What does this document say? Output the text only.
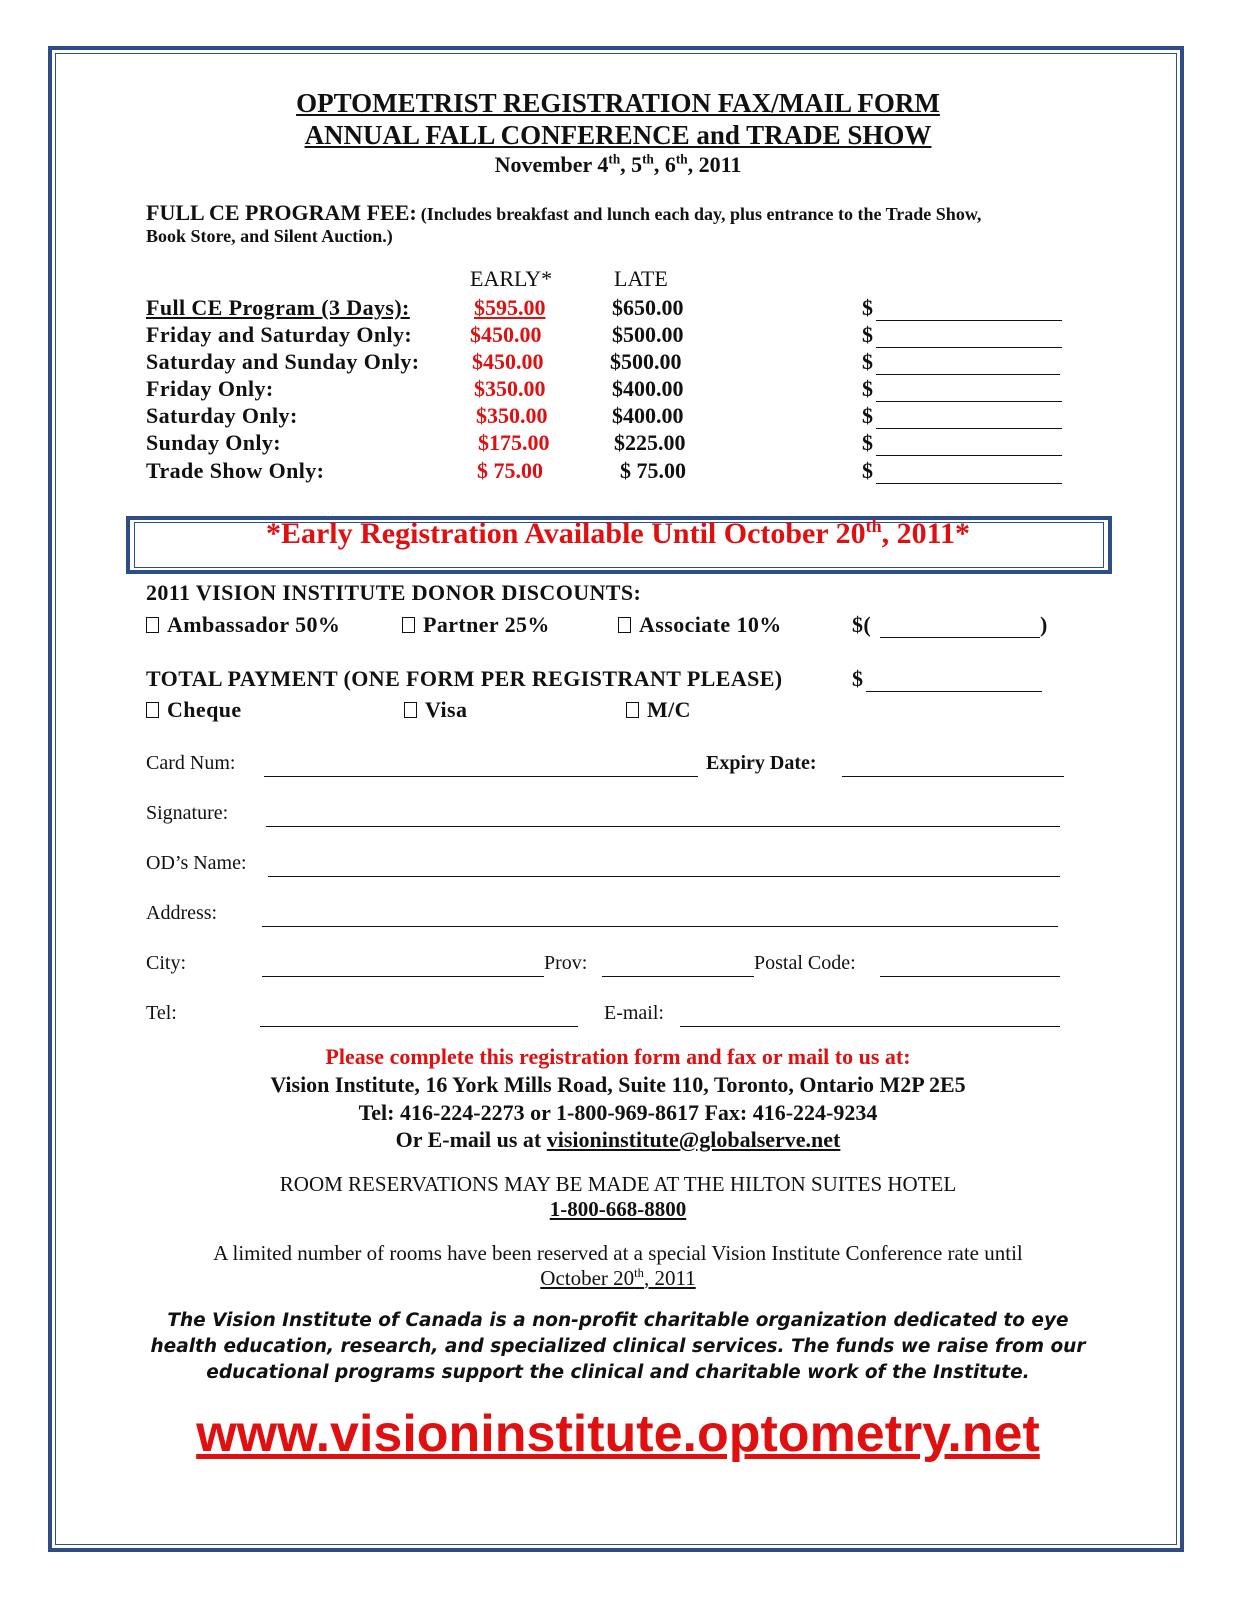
OPTOMETRIST REGISTRATION FAX/MAIL FORM
ANNUAL FALL CONFERENCE and TRADE SHOW
November 4th, 5th, 6th, 2011
FULL CE PROGRAM FEE: (Includes breakfast and lunch each day, plus entrance to the Trade Show,
Book Store, and Silent Auction.)
EARLY*	LATE
Full CE Program (3 Days):	$595.00	$650.00	$
Friday and Saturday Only:	$450.00	$500.00	$
Saturday and Sunday Only: $450.00	$500.00	$
Friday Only:	$350.00	$400.00	$
Saturday Only:	$350.00	$400.00	$
Sunday Only:	$175.00	$225.00	$
Trade Show Only:	$ 75.00	$ 75.00	$
*Early Registration Available Until October 20th, 2011*
2011 VISION INSTITUTE DONOR DISCOUNTS:
Ambassador 50%	Partner 25%	Associate 10%	$(	)
TOTAL PAYMENT (ONE FORM PER REGISTRANT PLEASE)	$
Cheque	Visa	M/C
Card Num:	Expiry Date:
Signature:
OD’s Name:
Address:
City:	Prov:	Postal Code:
Tel:	E-mail:
Please complete this registration form and fax or mail to us at:
Vision Institute, 16 York Mills Road, Suite 110, Toronto, Ontario M2P 2E5
Tel: 416-224-2273 or 1-800-969-8617 Fax: 416-224-9234
Or E-mail us at visioninstitute@globalserve.net
ROOM RESERVATIONS MAY BE MADE AT THE HILTON SUITES HOTEL
1-800-668-8800
A limited number of rooms have been reserved at a special Vision Institute Conference rate until
October 20th, 2011
The Vision Institute of Canada is a non-profit charitable organization dedicated to eye health education, research, and specialized clinical services. The funds we raise from our educational programs support the clinical and charitable work of the Institute.
www.visioninstitute.optometry.net
